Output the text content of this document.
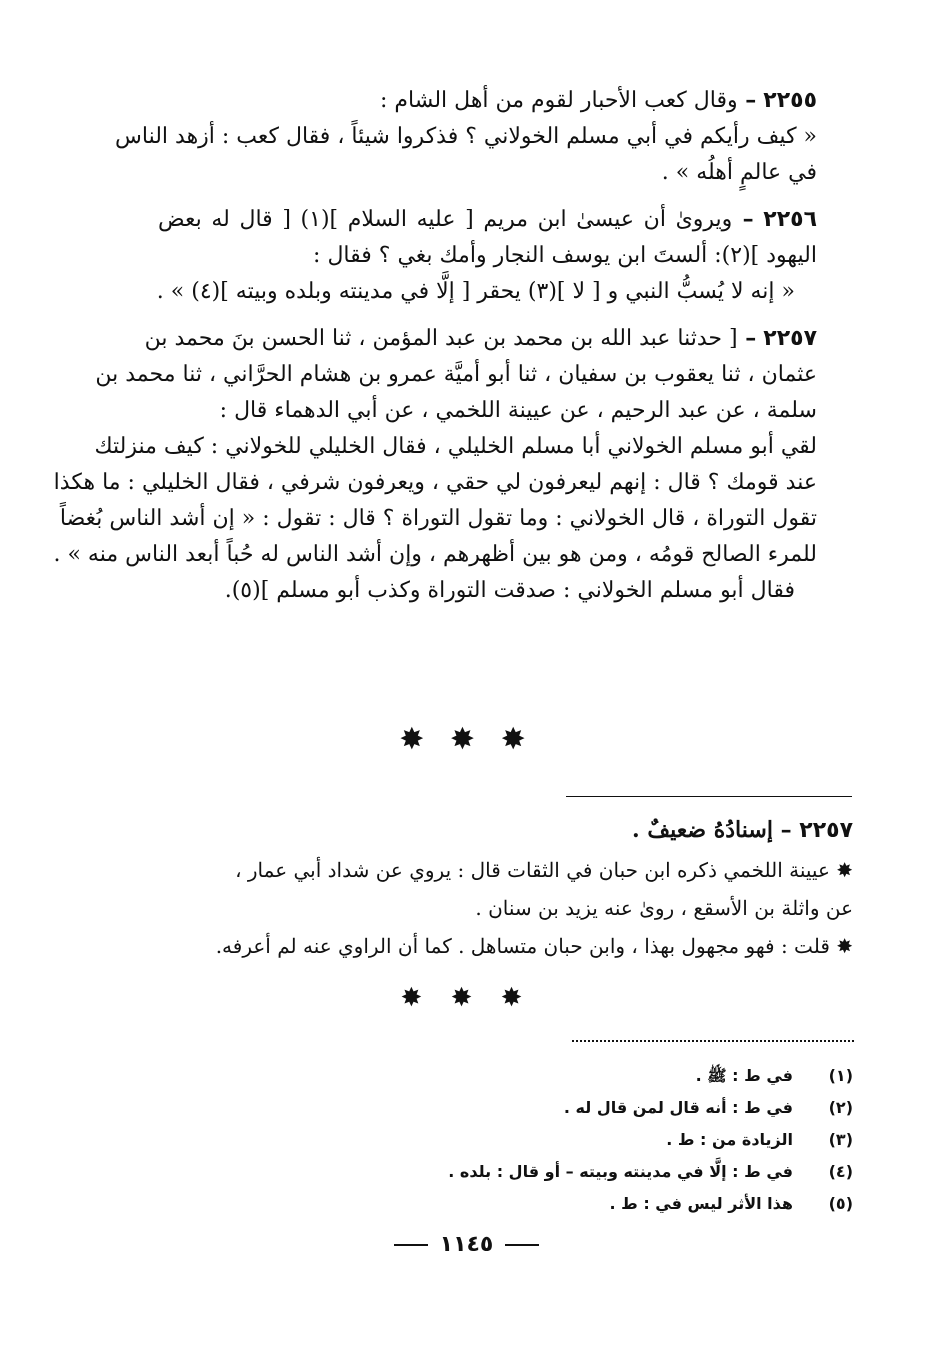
٢٢٥٥ – وقال كعب الأحبار لقوم من أهل الشام :

« كيف رأيكم في أبي مسلم الخولاني ؟ فذكروا شيئاً ، فقال كعب : أزهد الناس

في عالمٍ أهلُه » .

٢٢٥٦ – ويروىٰ أن عيسىٰ ابن مريم [ عليه السلام ](١) [ قال له بعض

اليهود ](٢): ألستَ ابن يوسف النجار وأمك بغي ؟ فقال :

« إنه لا يُسبُّ النبي و [ لا ](٣) يحقر [ إلَّا في مدينته وبلده وبيته ](٤) » .

٢٢٥٧ – [ حدثنا عبد الله بن محمد بن عبد المؤمن ، ثنا الحسن بنَ محمد بن

عثمان ، ثنا يعقوب بن سفيان ، ثنا أبو أميَّة عمرو بن هشام الحرَّاني ، ثنا محمد بن

سلمة ، عن عبد الرحيم ، عن عيينة اللخمي ، عن أبي الدهماء قال :

لقي أبو مسلم الخولاني أبا مسلم الخليلي ، فقال الخليلي للخولاني : كيف منزلتك

عند قومك ؟ قال : إنهم ليعرفون لي حقي ، ويعرفون شرفي ، فقال الخليلي : ما هكذا

تقول التوراة ، قال الخولاني : وما تقول التوراة ؟ قال : تقول : « إن أشد الناس بُغضاً

للمرء الصالح قومُه ، ومن هو بين أظهرهم ، وإن أشد الناس له حُباً أبعد الناس منه » .

فقال أبو مسلم الخولاني : صدقت التوراة وكذب أبو مسلم ](٥).

✸ ✸ ✸
٢٢٥٧ – إسنادُهُ ضعيفٌ .

✸ عيينة اللخمي ذكره ابن حبان في الثقات قال : يروي عن شداد أبي عمار ،

عن واثلة بن الأسقع ، روىٰ عنه يزيد بن سنان .

✸ قلت : فهو مجهول بهذا ، وابن حبان متساهل . كما أن الراوي عنه لم أعرفه.

✸ ✸ ✸
(١)
في ط : ﷺ .
(٢)
في ط : أنه قال لمن قال له .
(٣)
الزيادة من : ط .
(٤)
في ط : إلَّا في مدينته وبيته – أو قال : بلده .
(٥)
هذا الأثر ليس في : ط .
١١٤٥
